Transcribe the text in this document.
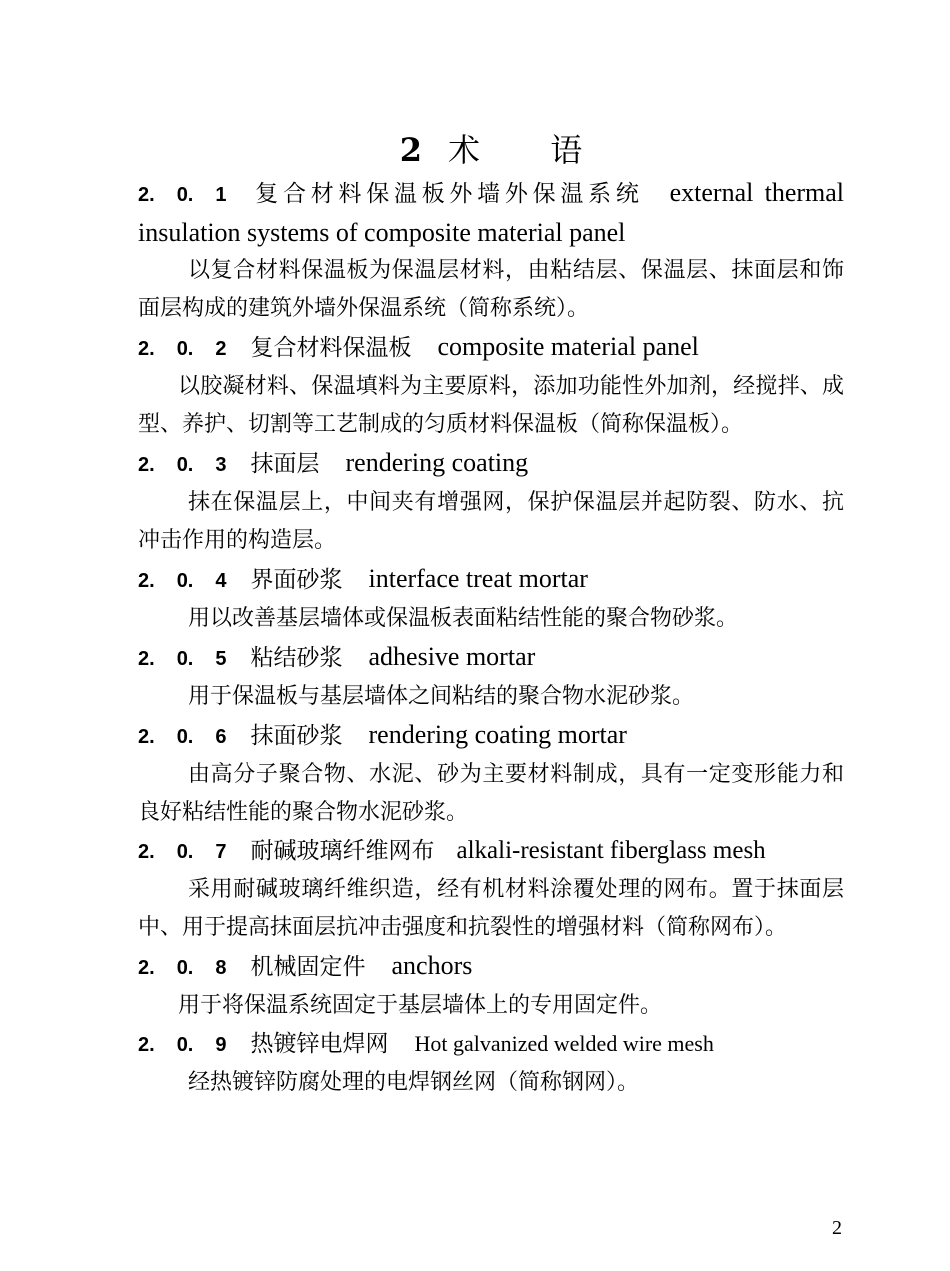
2 术 语
2. 0. 1 复合材料保温板外墙外保温系统 external thermal
insulation systems of composite material panel

以复合材料保温板为保温层材料，由粘结层、保温层、抹面层和饰面层构成的建筑外墙外保温系统（简称系统）。

2. 0. 2 复合材料保温板 composite material panel

以胶凝材料、保温填料为主要原料，添加功能性外加剂，经搅拌、成型、养护、切割等工艺制成的匀质材料保温板（简称保温板）。

2. 0. 3 抹面层 rendering coating

抹在保温层上，中间夹有增强网，保护保温层并起防裂、防水、抗冲击作用的构造层。

2. 0. 4 界面砂浆 interface treat mortar

用以改善基层墙体或保温板表面粘结性能的聚合物砂浆。

2. 0. 5 粘结砂浆 adhesive mortar

用于保温板与基层墙体之间粘结的聚合物水泥砂浆。

2. 0. 6 抹面砂浆 rendering coating mortar

由高分子聚合物、水泥、砂为主要材料制成，具有一定变形能力和良好粘结性能的聚合物水泥砂浆。

2. 0. 7 耐碱玻璃纤维网布 alkali-resistant fiberglass mesh

采用耐碱玻璃纤维织造，经有机材料涂覆处理的网布。置于抹面层中、用于提高抹面层抗冲击强度和抗裂性的增强材料（简称网布）。

2. 0. 8 机械固定件 anchors

用于将保温系统固定于基层墙体上的专用固定件。

2. 0. 9 热镀锌电焊网 Hot galvanized welded wire mesh

经热镀锌防腐处理的电焊钢丝网（简称钢网）。

2
